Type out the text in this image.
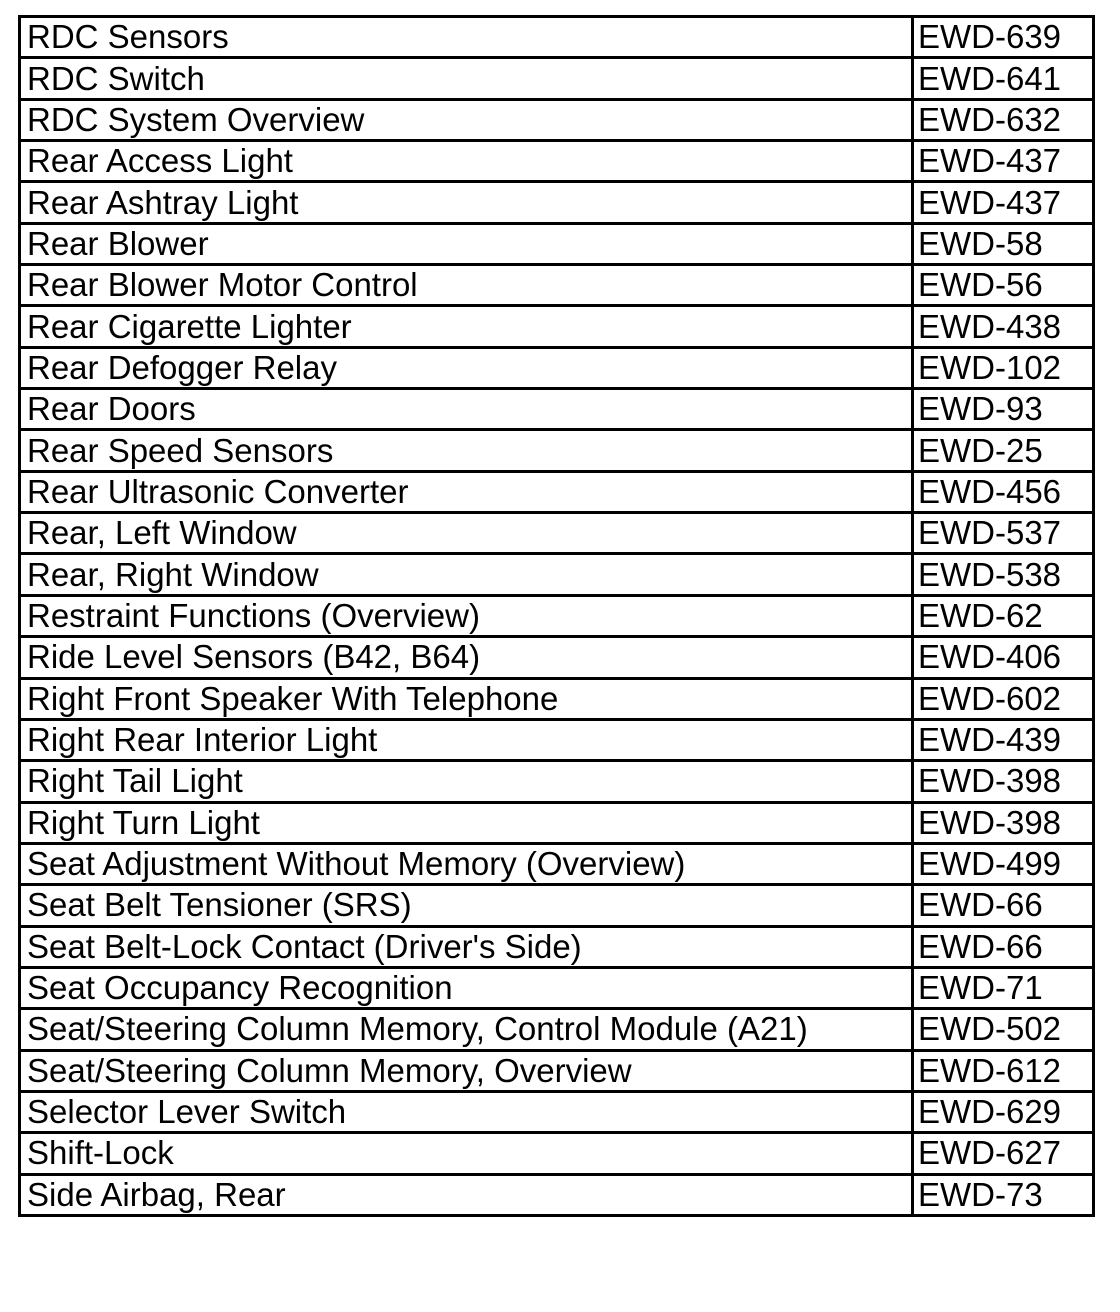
RDC Sensors	EWD-639
RDC Switch	EWD-641
RDC System Overview	EWD-632
Rear Access Light	EWD-437
Rear Ashtray Light	EWD-437
Rear Blower	EWD-58
Rear Blower Motor Control	EWD-56
Rear Cigarette Lighter	EWD-438
Rear Defogger Relay	EWD-102
Rear Doors	EWD-93
Rear Speed Sensors	EWD-25
Rear Ultrasonic Converter	EWD-456
Rear, Left Window	EWD-537
Rear, Right Window	EWD-538
Restraint Functions (Overview)	EWD-62
Ride Level Sensors (B42, B64)	EWD-406
Right Front Speaker With Telephone	EWD-602
Right Rear Interior Light	EWD-439
Right Tail Light	EWD-398
Right Turn Light	EWD-398
Seat Adjustment Without Memory (Overview)	EWD-499
Seat Belt Tensioner (SRS)	EWD-66
Seat Belt-Lock Contact (Driver's Side)	EWD-66
Seat Occupancy Recognition	EWD-71
Seat/Steering Column Memory, Control Module (A21)	EWD-502
Seat/Steering Column Memory, Overview	EWD-612
Selector Lever Switch	EWD-629
Shift-Lock	EWD-627
Side Airbag, Rear	EWD-73
